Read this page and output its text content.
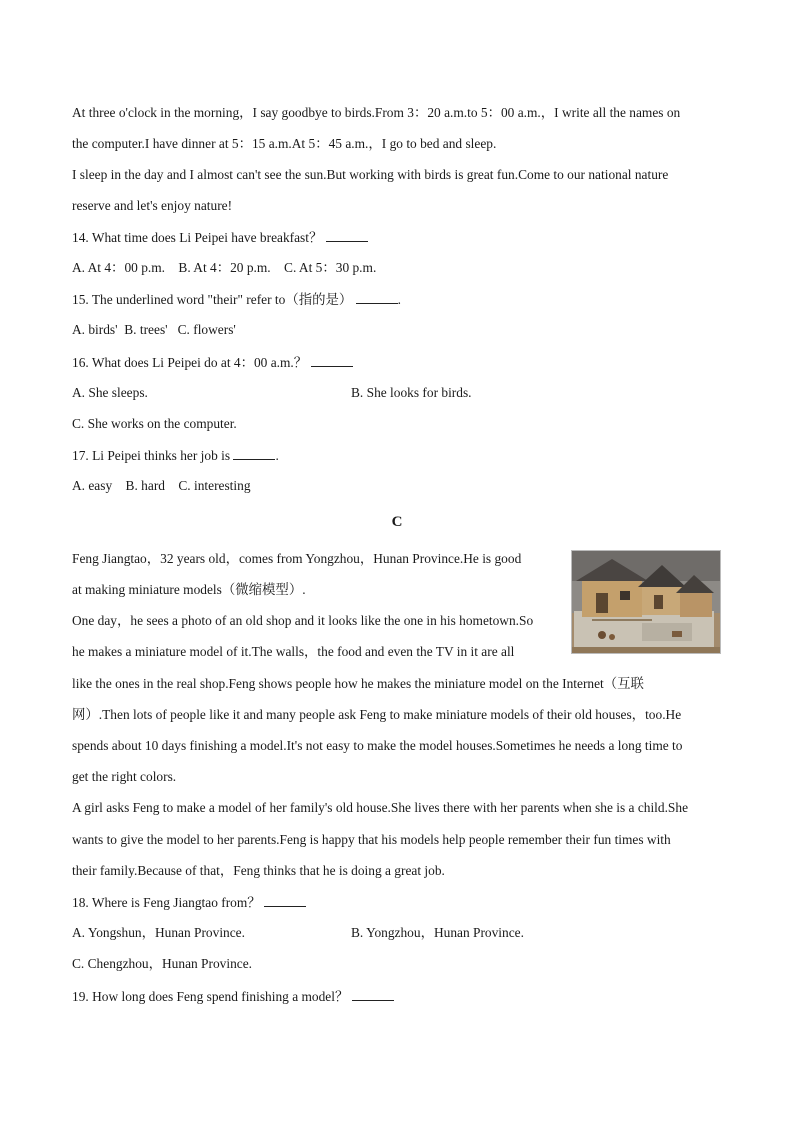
At three o'clock in the morning，I say goodbye to birds.From 3：20 a.m.to 5：00 a.m.，I write all the names on
the computer.I have dinner at 5：15 a.m.At 5：45 a.m.，I go to bed and sleep.
I sleep in the day and I almost can't see the sun.But working with birds is great fun.Come to our national nature
reserve and let's enjoy nature!
14. What time does Li Peipei have breakfast？
A. At 4：00 p.m.    B. At 4：20 p.m.    C. At 5：30 p.m.
15. The underlined word "their" refer to（指的是）	.
A. birds'  B. trees'   C. flowers'
16. What does Li Peipei do at 4：00 a.m.？
A. She sleeps.	B. She looks for birds.
C. She works on the computer.
17. Li Peipei thinks her job is	.
A. easy    B. hard    C. interesting
C
Feng Jiangtao，32 years old，comes from Yongzhou，Hunan Province.He is good
at making miniature models（微缩模型）.
One day，he sees a photo of an old shop and it looks like the one in his hometown.So
he makes a miniature model of it.The walls，the food and even the TV in it are all
like the ones in the real shop.Feng shows people how he makes the miniature model on the Internet（互联
网）.Then lots of people like it and many people ask Feng to make miniature models of their old houses，too.He
spends about 10 days finishing a model.It's not easy to make the model houses.Sometimes he needs a long time to
get the right colors.
A girl asks Feng to make a model of her family's old house.She lives there with her parents when she is a child.She
wants to give the model to her parents.Feng is happy that his models help people remember their fun times with
their family.Because of that，Feng thinks that he is doing a great job.
18. Where is Feng Jiangtao from？
A. Yongshun，Hunan Province.	B. Yongzhou，Hunan Province.
C. Chengzhou，Hunan Province.
19. How long does Feng spend finishing a model？
